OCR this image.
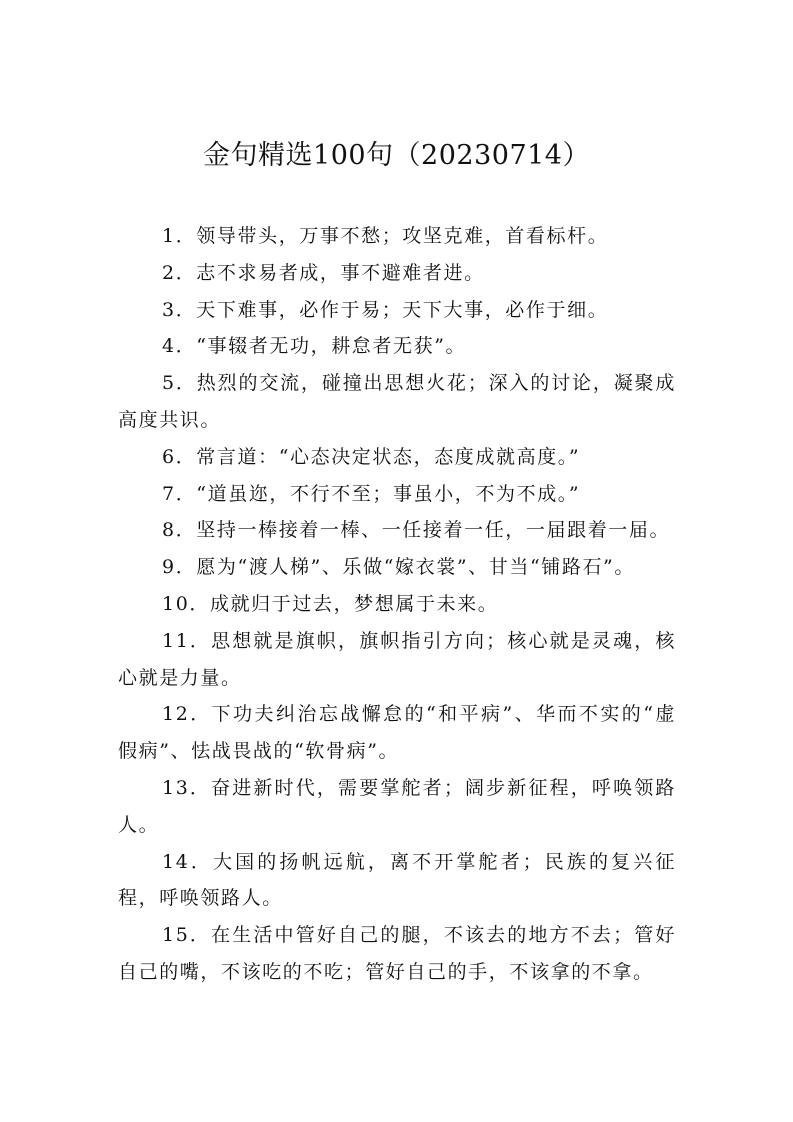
金句精选100句（20230714）

1．领导带头，万事不愁；攻坚克难，首看标杆。

2．志不求易者成，事不避难者进。

3．天下难事，必作于易；天下大事，必作于细。

4．“事辍者无功，耕怠者无获”。

5．热烈的交流，碰撞出思想火花；深入的讨论，凝聚成高度共识。

6．常言道：“心态决定状态，态度成就高度。”

7．“道虽迩，不行不至；事虽小，不为不成。”

8．坚持一棒接着一棒、一任接着一任，一届跟着一届。

9．愿为“渡人梯”、乐做“嫁衣裳”、甘当“铺路石”。

10．成就归于过去，梦想属于未来。

11．思想就是旗帜，旗帜指引方向；核心就是灵魂，核心就是力量。

12．下功夫纠治忘战懈怠的“和平病”、华而不实的“虚假病”、怯战畏战的“软骨病”。

13．奋进新时代，需要掌舵者；阔步新征程，呼唤领路人。

14．大国的扬帆远航，离不开掌舵者；民族的复兴征程，呼唤领路人。

15．在生活中管好自己的腿，不该去的地方不去；管好自己的嘴，不该吃的不吃；管好自己的手，不该拿的不拿。
